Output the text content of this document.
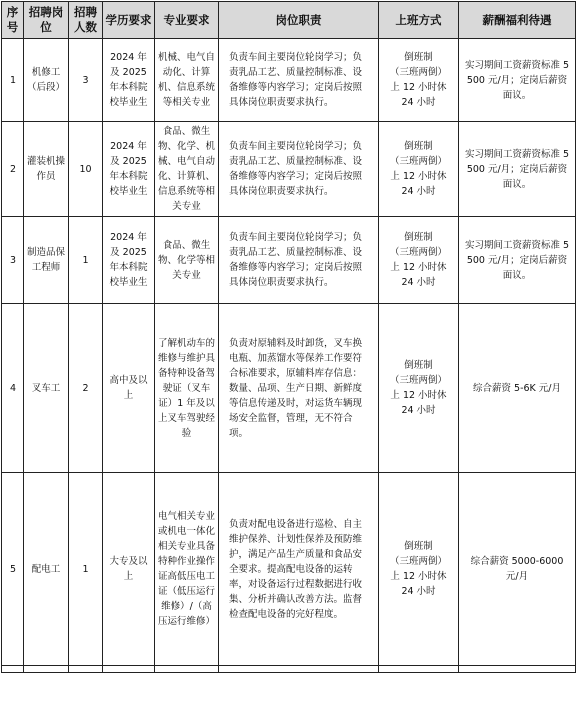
序号	招聘岗位	招聘人数	学历要求	专业要求	岗位职责	上班方式	薪酬福利待遇
1	机修工（后段）	3	2024 年及 2025 年本科院校毕业生	机械、电气自动化、计算机、信息系统等相关专业	负责车间主要岗位轮岗学习；负责乳品工艺、质量控制标准、设备维修等内容学习；定岗后按照具体岗位职责要求执行。	倒班制
（三班两倒）
上 12 小时休
24 小时	实习期间工资薪资标准 5500 元/月；定岗后薪资面议。
2	灌装机操作员	10	2024 年及 2025 年本科院校毕业生	食品、微生物、化学、机械、电气自动化、计算机、信息系统等相关专业	负责车间主要岗位轮岗学习；负责乳品工艺、质量控制标准、设备维修等内容学习；定岗后按照具体岗位职责要求执行。	倒班制
（三班两倒）
上 12 小时休
24 小时	实习期间工资薪资标准 5500 元/月；定岗后薪资面议。
3	制造品保工程师	1	2024 年及 2025 年本科院校毕业生	食品、微生物、化学等相关专业	负责车间主要岗位轮岗学习；负责乳品工艺、质量控制标准、设备维修等内容学习；定岗后按照具体岗位职责要求执行。	倒班制
（三班两倒）
上 12 小时休
24 小时	实习期间工资薪资标准 5500 元/月；定岗后薪资面议。
4	叉车工	2	高中及以上	了解机动车的维修与维护具备特种设备驾驶证（叉车证）1 年及以上叉车驾驶经验	负责对原辅料及时卸货，叉车换电瓶、加蒸馏水等保养工作要符合标准要求，原辅料库存信息：数量、品项、生产日期、新鲜度等信息传递及时，对运货车辆现场安全监督，管理，无不符合项。	倒班制
（三班两倒）
上 12 小时休
24 小时	综合薪资 5-6K 元/月
5	配电工	1	大专及以上	电气相关专业或机电一体化相关专业具备特种作业操作证高低压电工证（低压运行维修）/（高压运行维修）	负责对配电设备进行巡检、自主维护保养、计划性保养及预防维护，满足产品生产质量和食品安全要求。提高配电设备的运转率，对设备运行过程数据进行收集、分析并确认改善方法。监督检查配电设备的完好程度。	倒班制
（三班两倒）
上 12 小时休
24 小时	综合薪资 5000-6000 元/月
